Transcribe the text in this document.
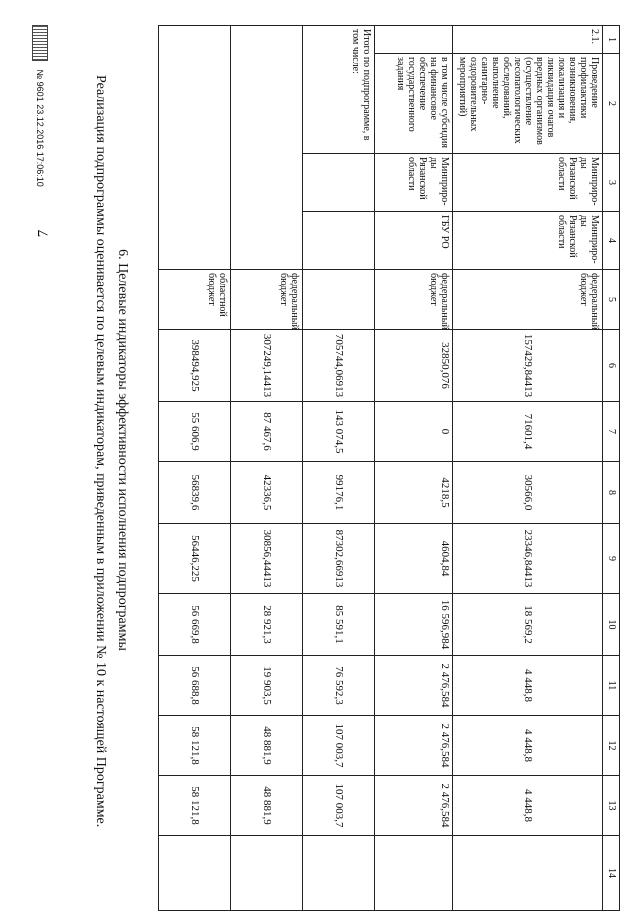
7
1	2	3	4	5	6	7	8	9	10	11	12	13	14
2.1.	Проведение профилактики возникновения, локализация и ликвидация очагов вредных организмов (осуществление лесопатологических обследований, выполнение санитарно-оздоровительных мероприятий)	Минприро-ды Рязанской области	Минприро-ды Рязанской области	федеральный бюджет	157429,84413	71601,4	30566,0	23346,84413	18 569,2	4 448,8	4 448,8	4 448,8	
	в том числе субсидия на финансовое обеспечение государственного задания	Минприро-ды Рязанской области	ГБУ РО	федеральный бюджет	32850,076	0	4218,5	4604,84	16 596,984	2 476,584	2 476,584	2 476,584	
Итого по подпрограмме, в том числе:					705744,06913	143 074,5	99176,1	87302,66913	85 591,1	76 592,3	107 003,7	107 003,7	
				федеральный бюджет	307249,14413	87 467,6	42336,5	30856,44413	28 921,3	19 903,5	48 881,9	48 881,9	
				областной бюджет	398494,925	55 606,9	56839,6	56446,225	56 669,8	56 688,8	58 121,8	58 121,8	
6. Целевые индикаторы эффективности исполнения подпрограммы
Реализация подпрограммы оценивается по целевым индикаторам, приведенным в приложении № 10 к настоящей Программе.
№ 9601 23.12.2016 17:06:10
